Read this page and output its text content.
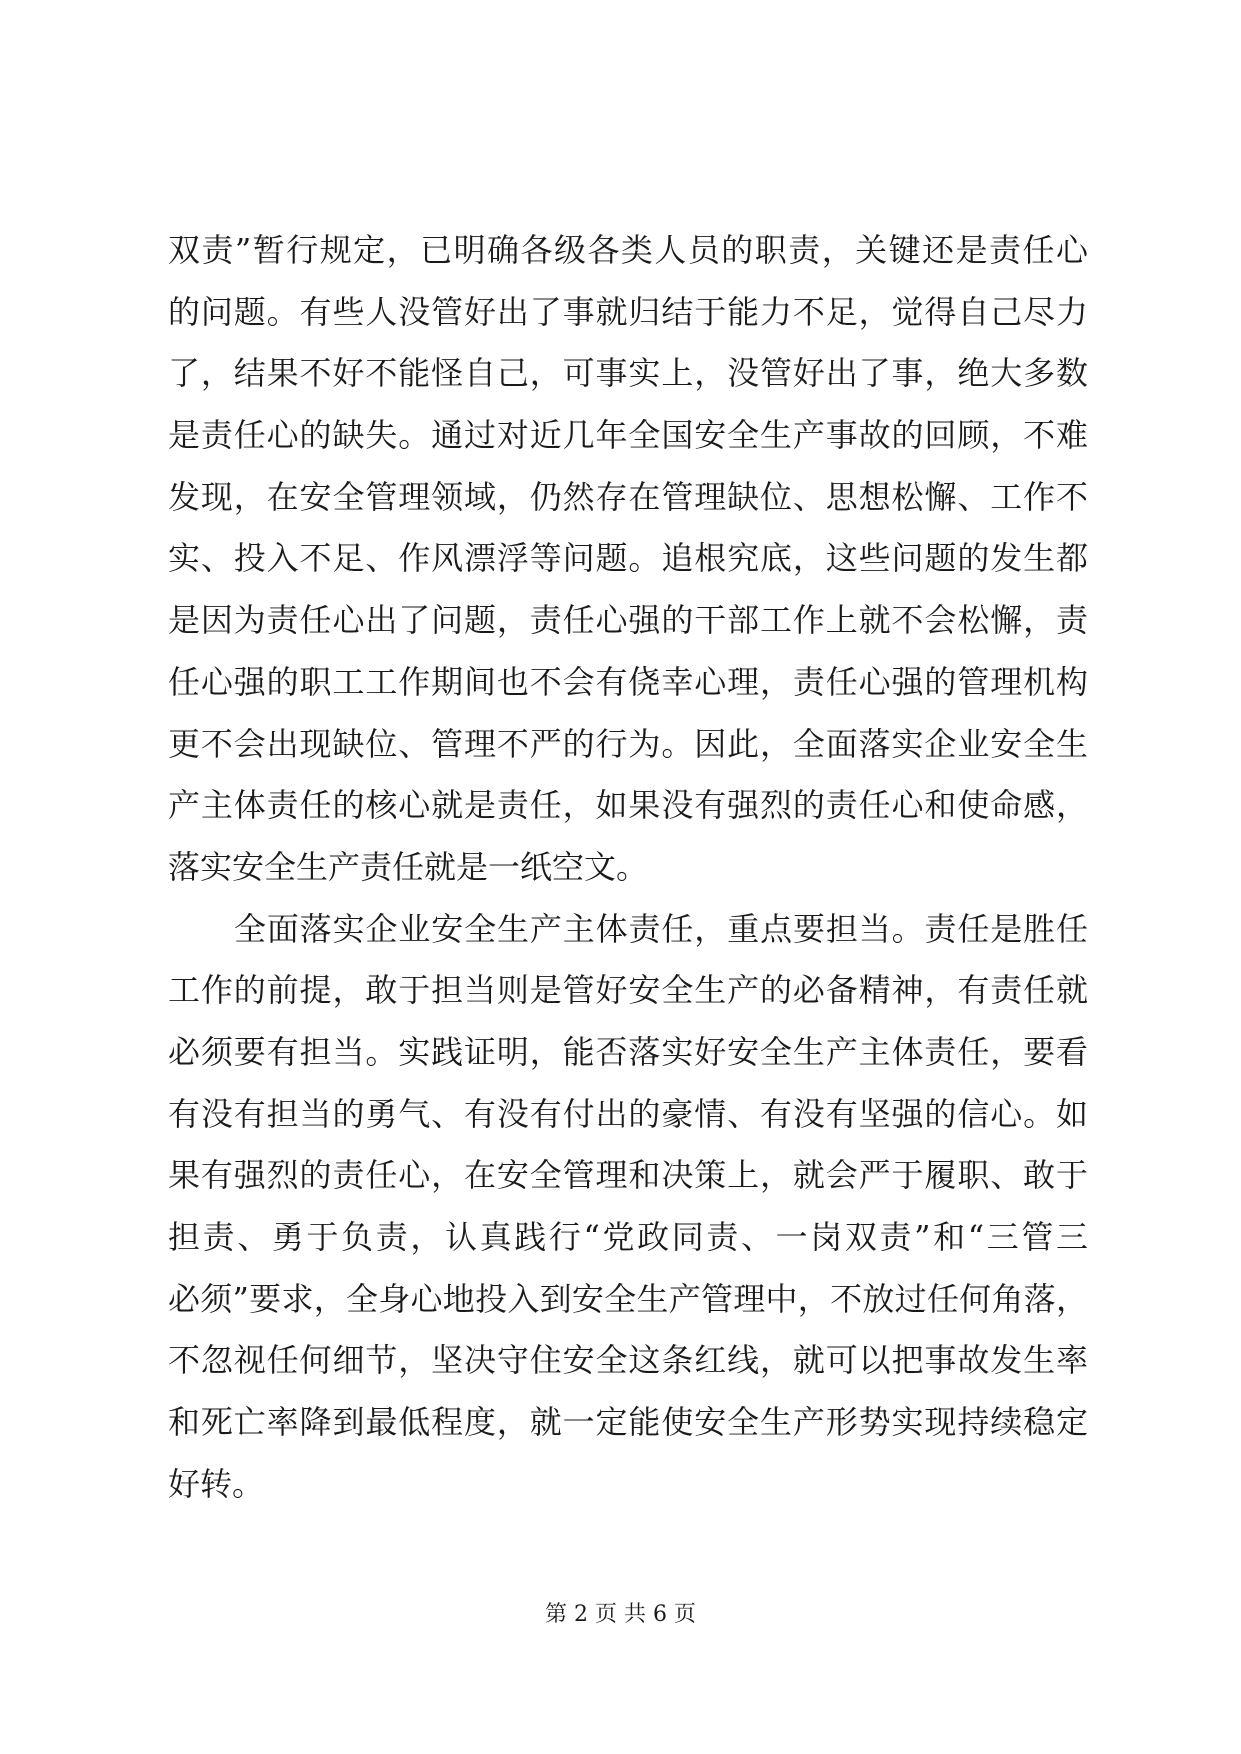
双责”暂行规定，已明确各级各类人员的职责，关键还是责任心
的问题。有些人没管好出了事就归结于能力不足，觉得自己尽力
了，结果不好不能怪自己，可事实上，没管好出了事，绝大多数
是责任心的缺失。通过对近几年全国安全生产事故的回顾，不难
发现，在安全管理领域，仍然存在管理缺位、思想松懈、工作不
实、投入不足、作风漂浮等问题。追根究底，这些问题的发生都
是因为责任心出了问题，责任心强的干部工作上就不会松懈，责
任心强的职工工作期间也不会有侥幸心理，责任心强的管理机构
更不会出现缺位、管理不严的行为。因此，全面落实企业安全生
产主体责任的核心就是责任，如果没有强烈的责任心和使命感，
落实安全生产责任就是一纸空文。
全面落实企业安全生产主体责任，重点要担当。责任是胜任
工作的前提，敢于担当则是管好安全生产的必备精神，有责任就
必须要有担当。实践证明，能否落实好安全生产主体责任，要看
有没有担当的勇气、有没有付出的豪情、有没有坚强的信心。如
果有强烈的责任心，在安全管理和决策上，就会严于履职、敢于
担责、勇于负责，认真践行“党政同责、一岗双责”和“三管三
必须”要求，全身心地投入到安全生产管理中，不放过任何角落，
不忽视任何细节，坚决守住安全这条红线，就可以把事故发生率
和死亡率降到最低程度，就一定能使安全生产形势实现持续稳定
好转。
第 2 页 共 6 页
